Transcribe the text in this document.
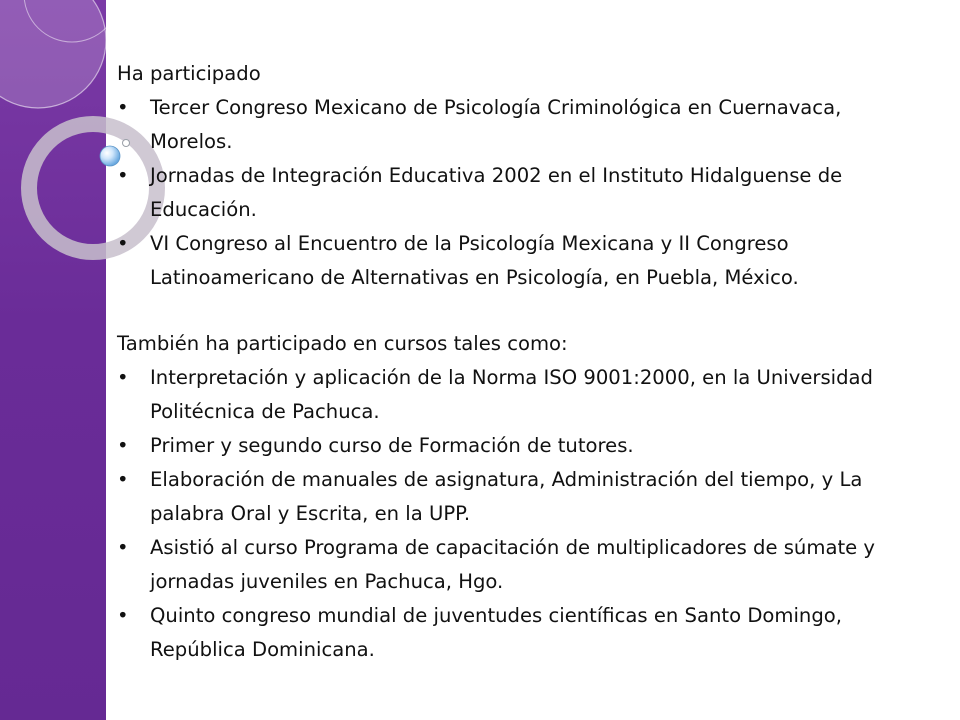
Ha participado

• Tercer Congreso Mexicano de Psicología Criminológica en Cuernavaca, Morelos.
• Jornadas de Integración Educativa 2002 en el Instituto Hidalguense de Educación.
• VI Congreso al Encuentro de la Psicología Mexicana y II Congreso Latinoamericano de Alternativas en Psicología, en Puebla, México.

También ha participado en cursos tales como:

• Interpretación y aplicación de la Norma ISO 9001:2000, en la Universidad Politécnica de Pachuca.
• Primer y segundo curso de Formación de tutores.
• Elaboración de manuales de asignatura, Administración del tiempo, y La palabra Oral y Escrita, en la UPP.
• Asistió al curso Programa de capacitación de multiplicadores de súmate y jornadas juveniles en Pachuca, Hgo.
• Quinto congreso mundial de juventudes científicas en Santo Domingo, República Dominicana.
